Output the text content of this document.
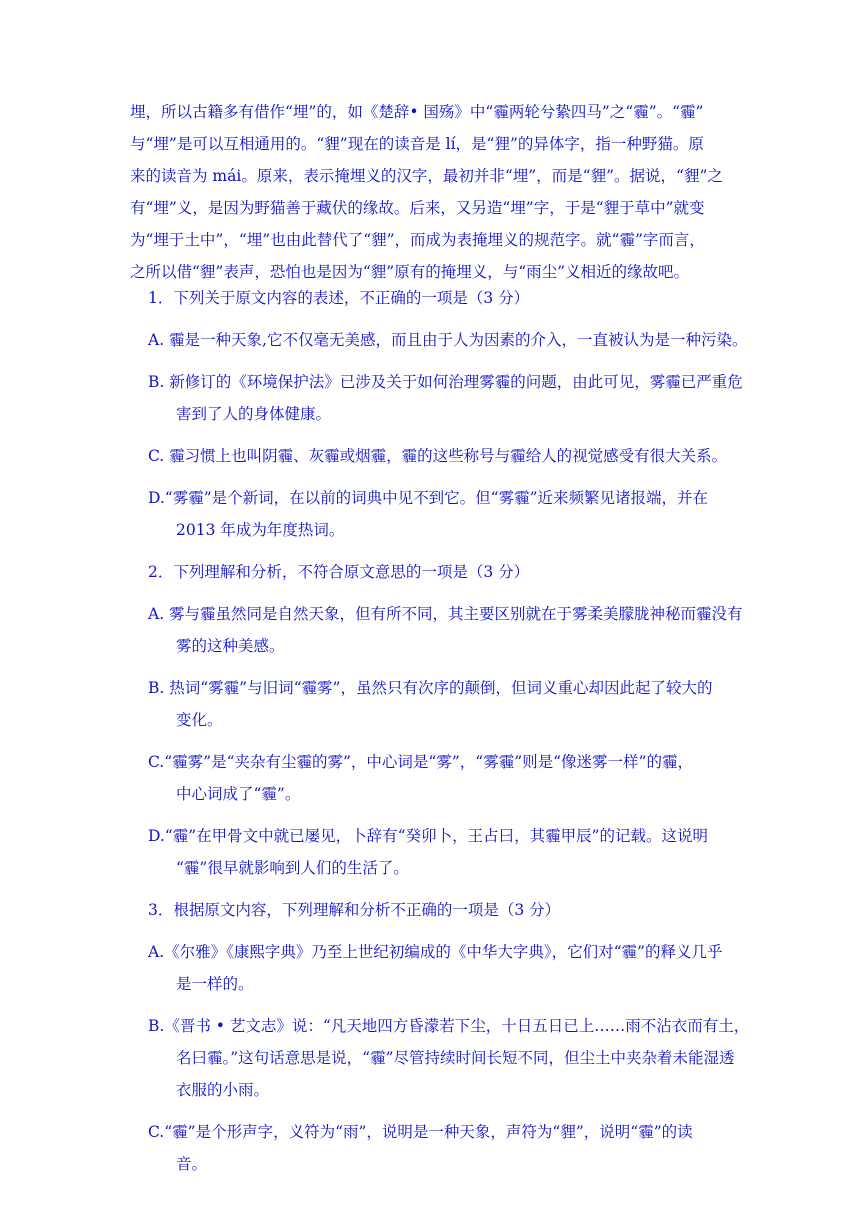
埋，所以古籍多有借作“埋”的，如《楚辞• 国殇》中“霾两轮兮絷四马”之“霾”。“霾”

与“埋”是可以互相通用的。“貍”现在的读音是 lí，是“狸”的异体字，指一种野猫。原

来的读音为 mái。原来，表示掩埋义的汉字，最初并非“埋”，而是“貍”。据说，“貍”之

有“埋”义，是因为野猫善于藏伏的缘故。后来，又另造“埋”字，于是“貍于草中”就变

为“埋于土中”，“埋”也由此替代了“貍”，而成为表掩埋义的规范字。就“霾”字而言，

之所以借“貍”表声，恐怕也是因为“貍”原有的掩埋义，与“雨尘”义相近的缘故吧。

1．下列关于原文内容的表述，不正确的一项是（3 分）
A. 霾是一种天象,它不仅毫无美感，而且由于人为因素的介入，一直被认为是一种污染。
B. 新修订的《环境保护法》已涉及关于如何治理雾霾的问题，由此可见，雾霾已严重危
害到了人的身体健康。
C. 霾习惯上也叫阴霾、灰霾或烟霾，霾的这些称号与霾给人的视觉感受有很大关系。
D.“雾霾”是个新词，在以前的词典中见不到它。但“雾霾”近来频繁见诸报端，并在
2013 年成为年度热词。
2．下列理解和分析，不符合原文意思的一项是（3 分）
A. 雾与霾虽然同是自然天象，但有所不同，其主要区别就在于雾柔美朦胧神秘而霾没有
雾的这种美感。
B. 热词“雾霾”与旧词“霾雾”，虽然只有次序的颠倒，但词义重心却因此起了较大的
变化。
C.“霾雾”是“夹杂有尘霾的雾”，中心词是“雾”，“雾霾”则是“像迷雾一样”的霾，
中心词成了“霾”。
D.“霾”在甲骨文中就已屡见，卜辞有“癸卯卜，王占曰，其霾甲辰”的记载。这说明
“霾”很早就影响到人们的生活了。
3．根据原文内容，下列理解和分析不正确的一项是（3 分）
A.《尔雅》《康熙字典》乃至上世纪初编成的《中华大字典》，它们对“霾”的释义几乎
是一样的。
B.《晋书 • 艺文志》说：“凡天地四方昏濛若下尘，十日五日已上……雨不沾衣而有土，
名曰霾。”这句话意思是说，“霾”尽管持续时间长短不同，但尘土中夹杂着未能湿透
衣服的小雨。
C.“霾”是个形声字，义符为“雨”，说明是一种天象，声符为“貍”，说明“霾”的读
音。
